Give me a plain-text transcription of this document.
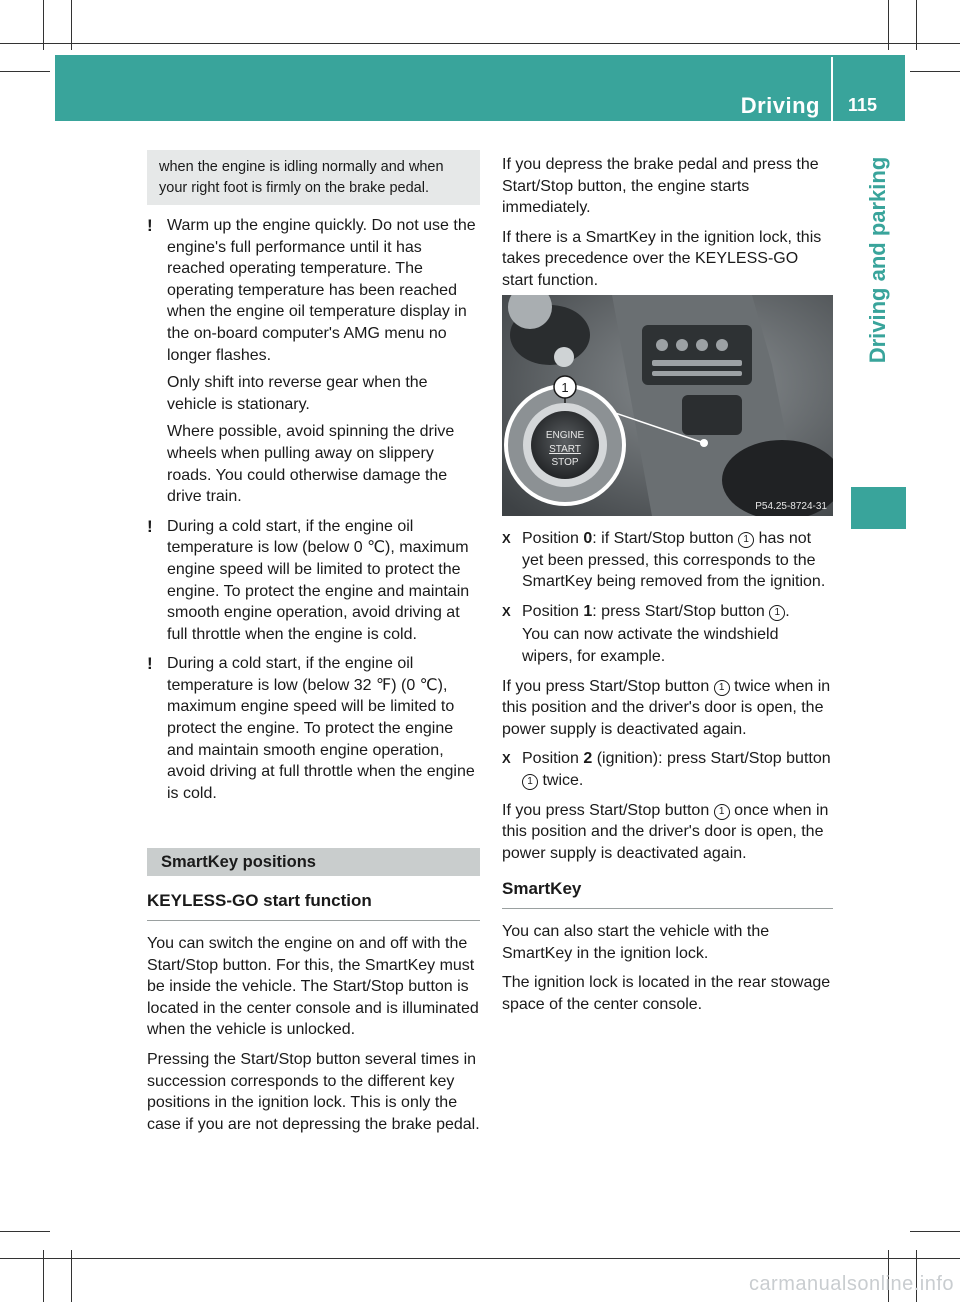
Driving 115
Driving and parking
when the engine is idling normally and when your right foot is firmly on the brake pedal.
! Warm up the engine quickly. Do not use the engine's full performance until it has reached operating temperature. The operating temperature has been reached when the engine oil temperature display in the on-board computer's AMG menu no longer flashes.

Only shift into reverse gear when the vehicle is stationary.

Where possible, avoid spinning the drive wheels when pulling away on slippery roads. You could otherwise damage the drive train.

! During a cold start, if the engine oil temperature is low (below 0 ℃), maximum engine speed will be limited to protect the engine. To protect the engine and maintain smooth engine operation, avoid driving at full throttle when the engine is cold.

! During a cold start, if the engine oil temperature is low (below 32 ℉) (0 ℃), maximum engine speed will be limited to protect the engine. To protect the engine and maintain smooth engine operation, avoid driving at full throttle when the engine is cold.

SmartKey positions
KEYLESS-GO start function

You can switch the engine on and off with the Start/Stop button. For this, the SmartKey must be inside the vehicle. The Start/Stop button is located in the center console and is illuminated when the vehicle is unlocked.

Pressing the Start/Stop button several times in succession corresponds to the different key positions in the ignition lock. This is only the case if you are not depressing the brake pedal.

If you depress the brake pedal and press the Start/Stop button, the engine starts immediately.

If there is a SmartKey in the ignition lock, this takes precedence over the KEYLESS-GO start function.

1
ENGINE
START
STOP
P54.25-8724-31
X Position 0: if Start/Stop button 1 has not yet been pressed, this corresponds to the SmartKey being removed from the ignition.
X Position 1: press Start/Stop button 1 .
You can now activate the windshield wipers, for example.

If you press Start/Stop button 1 twice when in this position and the driver's door is open, the power supply is deactivated again.

X Position 2 (ignition): press Start/Stop button 1 twice.

If you press Start/Stop button 1 once when in this position and the driver's door is open, the power supply is deactivated again.

SmartKey

You can also start the vehicle with the SmartKey in the ignition lock.

The ignition lock is located in the rear stowage space of the center console.

carmanualsonline.info
